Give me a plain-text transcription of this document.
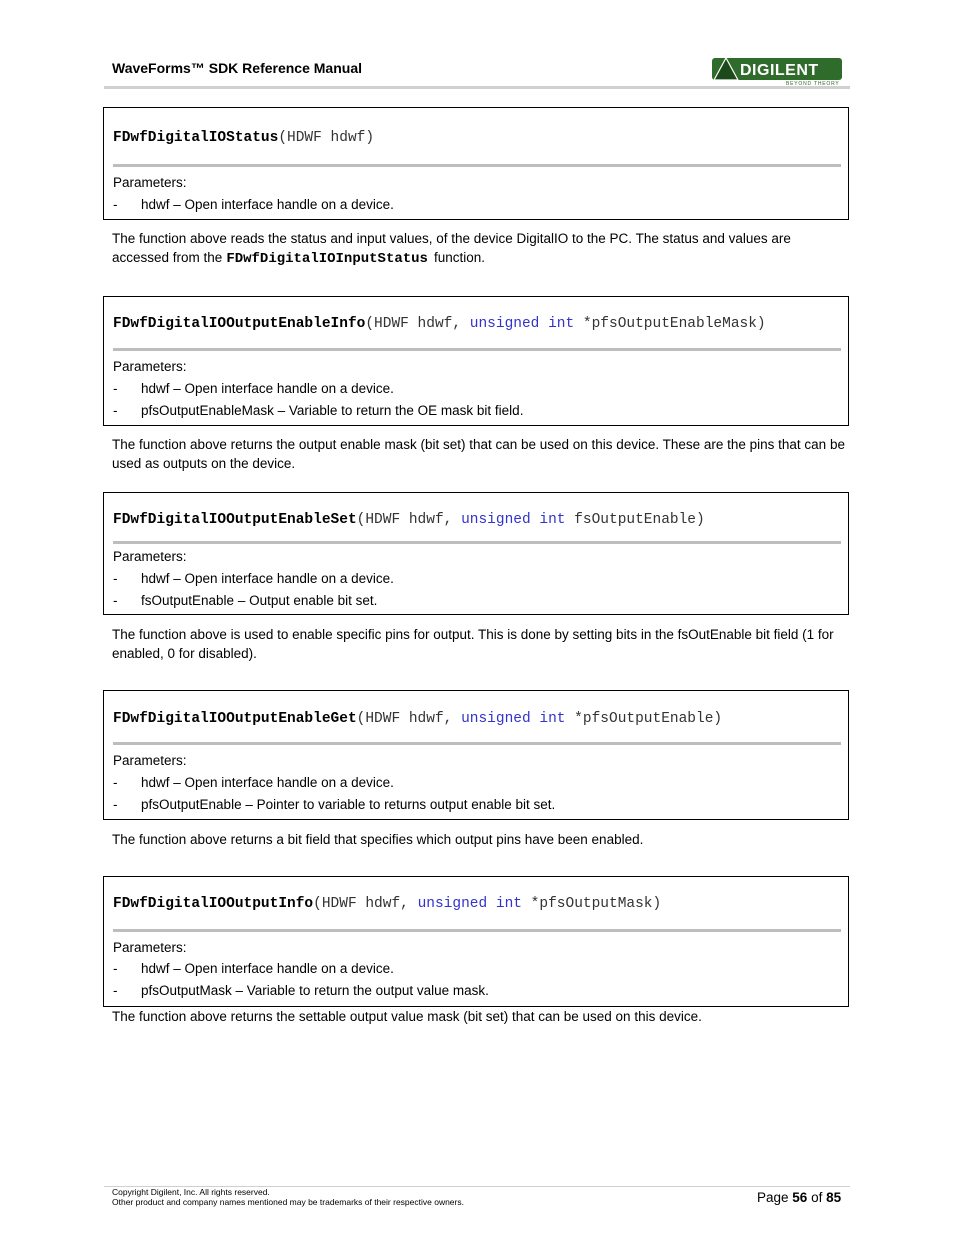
WaveForms™ SDK Reference Manual	DIGILENT
BEYOND THEORY
FDwfDigitalIOStatus(HDWF hdwf)
Parameters:
- hdwf – Open interface handle on a device.
The function above reads the status and input values, of the device DigitalIO to the PC. The status and values are accessed from the FDwfDigitalIOInputStatus function.
FDwfDigitalIOOutputEnableInfo(HDWF hdwf, unsigned int *pfsOutputEnableMask)
Parameters:
- hdwf – Open interface handle on a device.
- pfsOutputEnableMask – Variable to return the OE mask bit field.
The function above returns the output enable mask (bit set) that can be used on this device. These are the pins that can be used as outputs on the device.
FDwfDigitalIOOutputEnableSet(HDWF hdwf, unsigned int fsOutputEnable)
Parameters:
- hdwf – Open interface handle on a device.
- fsOutputEnable – Output enable bit set.
The function above is used to enable specific pins for output. This is done by setting bits in the fsOutEnable bit field (1 for enabled, 0 for disabled).
FDwfDigitalIOOutputEnableGet(HDWF hdwf, unsigned int *pfsOutputEnable)
Parameters:
- hdwf – Open interface handle on a device.
- pfsOutputEnable – Pointer to variable to returns output enable bit set.
The function above returns a bit field that specifies which output pins have been enabled.
FDwfDigitalIOOutputInfo(HDWF hdwf, unsigned int *pfsOutputMask)
Parameters:
- hdwf – Open interface handle on a device.
- pfsOutputMask – Variable to return the output value mask.
The function above returns the settable output value mask (bit set) that can be used on this device.
Copyright Digilent, Inc. All rights reserved.
Other product and company names mentioned may be trademarks of their respective owners.	Page 56 of 85
